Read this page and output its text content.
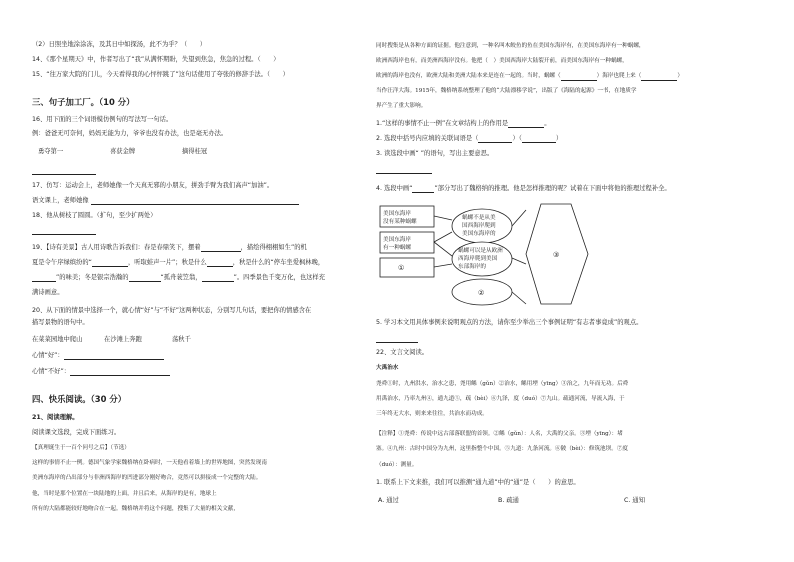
（2）日照坐地涂涂冻，及其日中如探汤，此不为乎？（　　）
14、《那个星期天》中，作者写出了“我”从满怀期盼，失望到焦急，焦急的过程。（　　）
15、“往万家大院的门儿，今天看得我的心怦怦跳了”这句话使用了夸张的修辞手法。（　　）
三、句子加工厂。（10 分）
16、用下面的三个词语模仿例句的写法写一句话。
例：爸爸无可奈何，妈妈无能为力，爷爷也没有办法，也是毫无办法。
勇夺第一	喜获金牌	摘得桂冠
17、仿写：运动会上，老师她像一个天真无邪的小朋友，拼劲手臂为我们高声“加油”。
语文课上，老师她像
18、他从树枝了圆圆。（扩句，至少扩两处）
19、【诗有美景】古人用诗歌告诉我们：春是春鼎笑下，摆着	，描绘得栩栩如生”的机
夏是令午序绿缤纷的“	，听取蛙声一片”；秋是什么	，秋是什么的“停车坐爱枫林晚，
”的味美；冬是银宗浩瀚的	“孤舟蓑笠翁，	”。四季景色千变万化，也这样充
满诗画意。
20、从下面的情景中选择一个，就心情“好”与“不好”这两种状态，分别写几句话，要把你的情感含在
描写景物的语句中。
在菜菜园地中爬山	在沙滩上奔跑	荡秋千
心情“好”：
心情“不好”：
四、快乐阅读。（30 分）
21、阅读理解。
阅读课文选段，完成下面练习。
【真理诞生于一百个问号之后】（节选）
这样的事情不止一例。德国气象学家魏格纳在卧病时，一天他看着墙上的世界地图，突然发现南
美洲东海岸的凸出部分与非洲西海岸的凹进部分刚好吻合，竟然可以拼接成一个完整的大陆。
他，当时是那个位置在一块陆地的上面，并且后来，从海岸的是有，地球上
所有的大陆都能较好地吻合在一起。魏格纳并将这个问题，搜集了大量的相关文献，
同时搜集是从各种方面的证据。他注意到，一种名叫木鲛鱼的鱼在美国东海岸有，在美国东海岸有一种蜗螺，
欧洲西海岸也有，而美洲西海岸没有。他把（　）美国西海岸大陆裂开前，而美国东海岸有一种蜗螺，
欧洲的海岸也没有，欧洲大陆和美洲大陆本来是连在一起的。当时，蜗螺（	）海岸也爬上来（	）
当作汪洋大海。1915年，魏格纳系统整理了他的“大陆漂移学说”，出版了《海陆的起源》一书，在地质学
界产生了重大影响。
1.“这样的事情不止一例”在文章结构上的作用是	。
2. 选段中括号内应填的关联词语是（	）（	）
3. 读选段中画“ ”的语句，写出主要意思。
4. 选段中画“	”部分写出了魏格纳的推理。他是怎样推理的呢？试着在下面中将他的推理过程补全。
美国东海岸
没有某种蜗螺
美国东海岸
有一种蜗螺
①
蜗螺不是从美
国西海岸爬到
美国东海岸的
蜗螺可以是从欧洲
西海岸爬到美国
东部海岸的
②
③
5. 学习本文用具体事例来说明观点的方法，请你至少举出三个事例证明“有志者事竟成”的观点。
22、文言文阅读。
大禹治水
尧舜①时，九州洪水，治水之患，尧用鲧（gǔn）②治水，鲧用堙（yīng）③治之，九年而无功。后舜
用禹治水，乃率九州④，通九道⑤，疏（bèi）⑥九泽，度（duó）⑦九山。疏通河流，导流入海，于
三年终无大水，则来来往往，共治水而功成。
【注释】①尧舜：传说中远古部落联盟的首领。②鲧（gǔn）：人名，大禹的父亲。③堙（yīng）：堵
塞。④九州：古时中国分为九州，这里指整个中国。⑤九道：九条河流。⑥陂（bèi）：修筑池坝。⑦度
（duó）：测量。
1. 联系上下文来推，我们可以推测“通九道”中的“通”是（　　）的意思。
A. 通过	B. 疏通	C. 通知
